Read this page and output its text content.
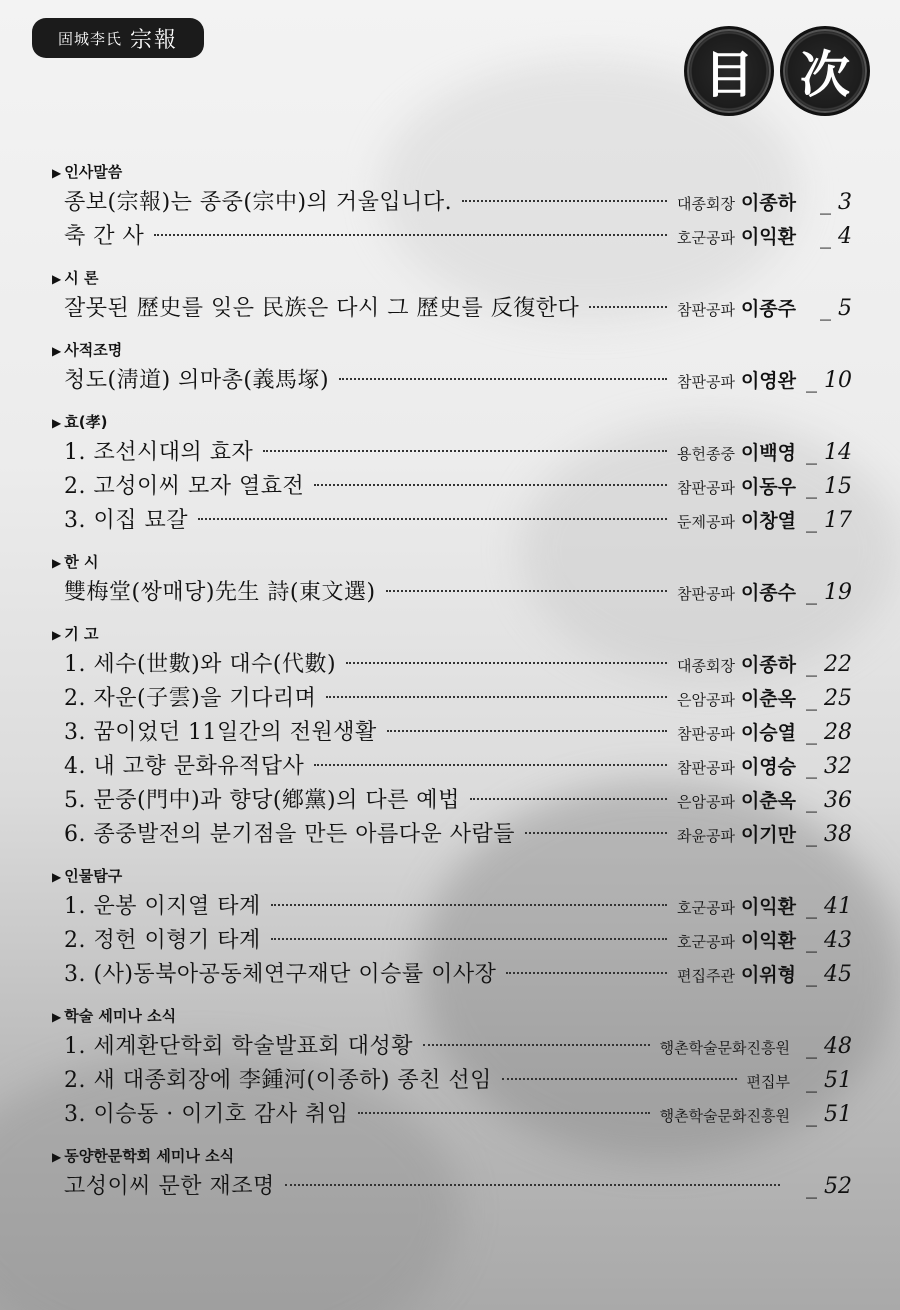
固城李氏 宗報
目 次
▶ 인사말씀
종보(宗報)는 종중(宗中)의 거울입니다.	대종회장 이종하	_ 3
축 간 사	호군공파 이익환	_ 4
▶ 시 론
잘못된 歷史를 잊은 民族은 다시 그 歷史를 反復한다	참판공파 이종주	_ 5
▶ 사적조명
청도(淸道) 의마총(義馬塚)	참판공파 이영완	_ 10
▶ 효(孝)
1. 조선시대의 효자	용헌종중 이백영	_ 14
2. 고성이씨 모자 열효전	참판공파 이동우	_ 15
3. 이집 묘갈	둔제공파 이창열	_ 17
▶ 한 시
雙梅堂(쌍매당)先生 詩(東文選)	참판공파 이종수	_ 19
▶ 기 고
1. 세수(世數)와 대수(代數)	대종회장 이종하	_ 22
2. 자운(子雲)을 기다리며	은암공파 이춘옥	_ 25
3. 꿈이었던 11일간의 전원생활	참판공파 이승열	_ 28
4. 내 고향 문화유적답사	참판공파 이영승	_ 32
5. 문중(門中)과 향당(鄕黨)의 다른 예법	은암공파 이춘옥	_ 36
6. 종중발전의 분기점을 만든 아름다운 사람들	좌윤공파 이기만	_ 38
▶ 인물탐구
1. 운봉 이지열 타계	호군공파 이익환	_ 41
2. 정헌 이형기 타계	호군공파 이익환	_ 43
3. (사)동북아공동체연구재단 이승률 이사장	편집주관 이위형	_ 45
▶ 학술 세미나 소식
1. 세계환단학회 학술발표회 대성황	행촌학술문화진흥원	_ 48
2. 새 대종회장에 李鍾河(이종하) 종친 선임	편집부	_ 51
3. 이승동 · 이기호 감사 취임	행촌학술문화진흥원	_ 51
▶ 동양한문학회 세미나 소식
고성이씨 문한 재조명	_ 52
